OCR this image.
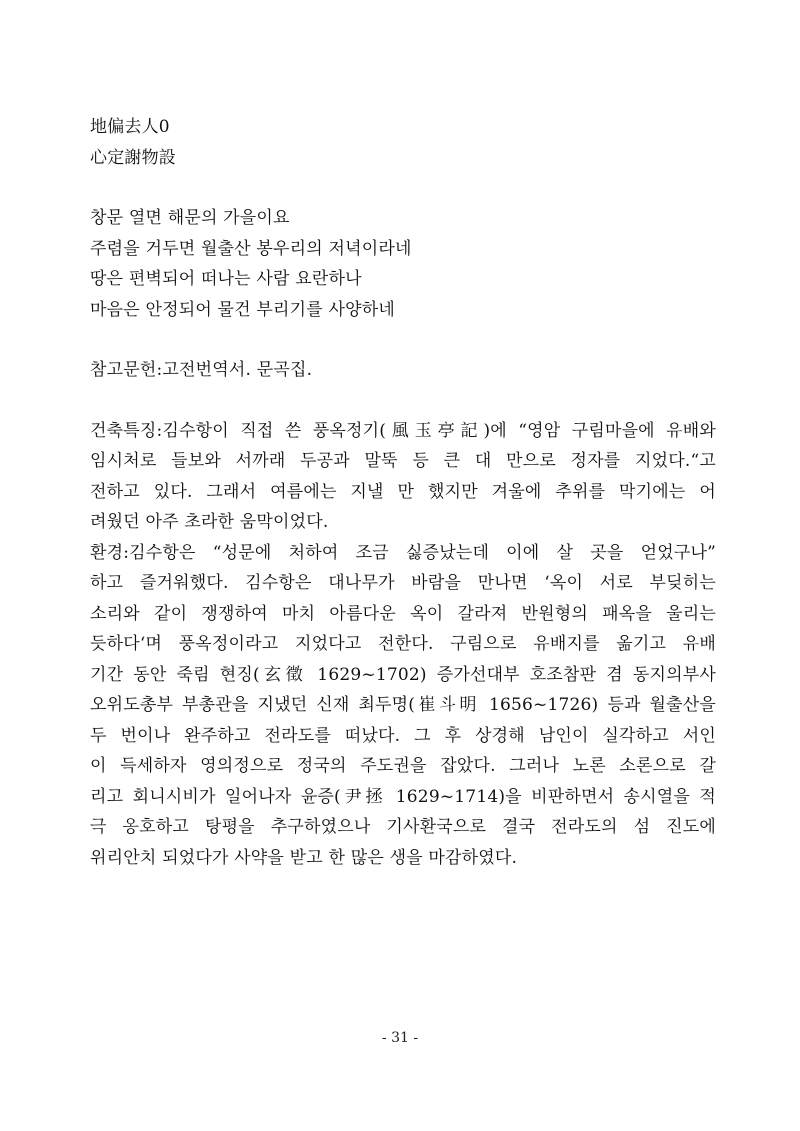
地偏去人0
心定謝物設
창문 열면 해문의 가을이요
주렴을 거두면 월출산 봉우리의 저녁이라네
땅은 편벽되어 떠나는 사람 요란하나
마음은 안정되어 물건 부리기를 사양하네
참고문헌:고전번역서. 문곡집.
건축특징:김수항이 직접 쓴 풍옥정기(風玉亭記)에 “영암 구림마을에 유배와
임시처로 들보와 서까래 두공과 말뚝 등 큰 대 만으로 정자를 지었다.“고
전하고 있다. 그래서 여름에는 지낼 만 했지만 겨울에 추위를 막기에는 어
려웠던 아주 초라한 움막이었다.
환경:김수항은 “성문에 처하여 조금 싫증났는데 이에 살 곳을 얻었구나”
하고 즐거워했다. 김수항은 대나무가 바람을 만나면 ‘옥이 서로 부딪히는
소리와 같이 쟁쟁하여 마치 아름다운 옥이 갈라져 반원형의 패옥을 울리는
듯하다‘며 풍옥정이라고 지었다고 전한다. 구림으로 유배지를 옮기고 유배
기간 동안 죽림 현징(玄徵 1629~1702) 증가선대부 호조참판 겸 동지의부사
오위도총부 부총관을 지냈던 신재 최두명(崔斗明 1656~1726) 등과 월출산을
두 번이나 완주하고 전라도를 떠났다. 그 후 상경해 남인이 실각하고 서인
이 득세하자 영의정으로 정국의 주도권을 잡았다. 그러나 노론 소론으로 갈
리고 회니시비가 일어나자 윤증(尹拯 1629~1714)을 비판하면서 송시열을 적
극 옹호하고 탕평을 추구하였으나 기사환국으로 결국 전라도의 섬 진도에
위리안치 되었다가 사약을 받고 한 많은 생을 마감하였다.
- 31 -
